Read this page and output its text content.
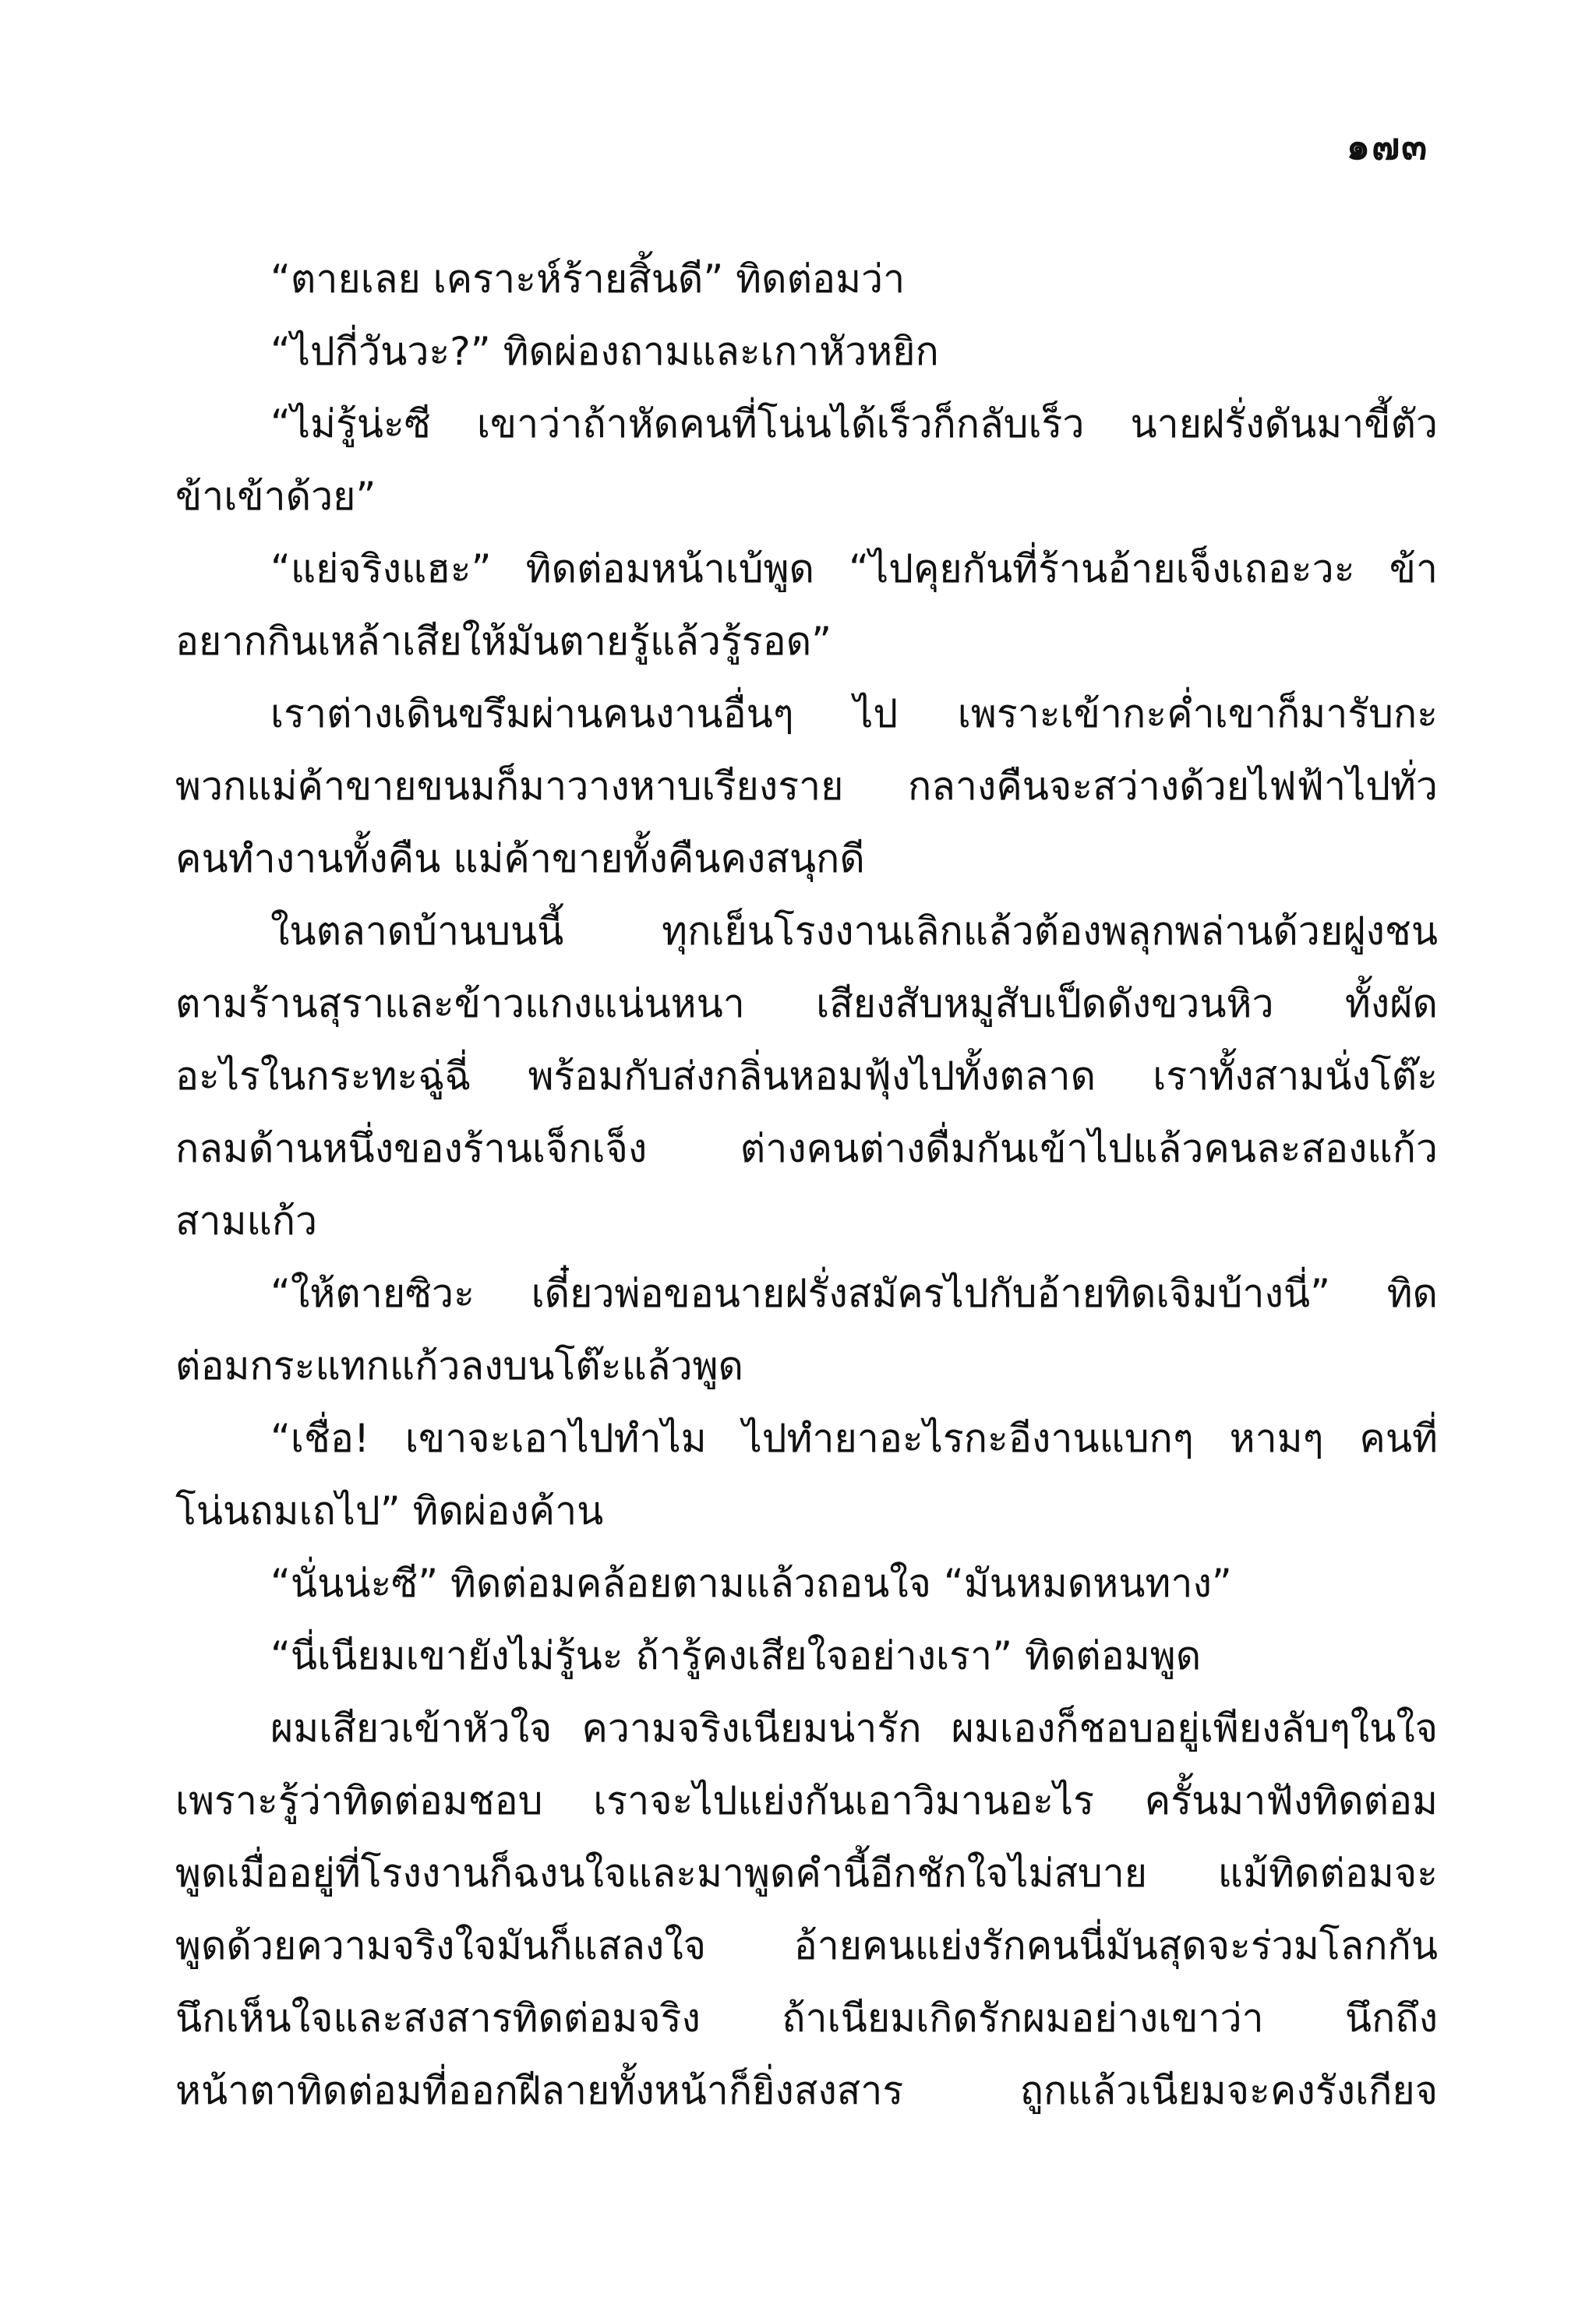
๑๗๓
“ตายเลย เคราะห์ร้ายสิ้นดี” ทิดต่อมว่า
“ไปกี่วันวะ?” ทิดผ่องถามและเกาหัวหยิก
“ไม่รู้น่ะซี เขาว่าถ้าหัดคนที่โน่นได้เร็วก็กลับเร็ว นายฝรั่งดันมาขี้ตัว
ข้าเข้าด้วย”
“แย่จริงแฮะ” ทิดต่อมหน้าเบ้พูด “ไปคุยกันที่ร้านอ้ายเจ็งเถอะวะ ข้า
อยากกินเหล้าเสียให้มันตายรู้แล้วรู้รอด”
เราต่างเดินขรึมผ่านคนงานอื่นๆ ไป เพราะเข้ากะค่ำเขาก็มารับกะ
พวกแม่ค้าขายขนมก็มาวางหาบเรียงราย กลางคืนจะสว่างด้วยไฟฟ้าไปทั่ว
คนทำงานทั้งคืน แม่ค้าขายทั้งคืนคงสนุกดี
ในตลาดบ้านบนนี้ ทุกเย็นโรงงานเลิกแล้วต้องพลุกพล่านด้วยฝูงชน
ตามร้านสุราและข้าวแกงแน่นหนา เสียงสับหมูสับเป็ดดังขวนหิว ทั้งผัด
อะไรในกระทะฉู่ฉี่ พร้อมกับส่งกลิ่นหอมฟุ้งไปทั้งตลาด เราทั้งสามนั่งโต๊ะ
กลมด้านหนึ่งของร้านเจ็กเจ็ง ต่างคนต่างดื่มกันเข้าไปแล้วคนละสองแก้ว
สามแก้ว
“ให้ตายซิวะ เดี๋ยวพ่อขอนายฝรั่งสมัครไปกับอ้ายทิดเจิมบ้างนี่” ทิด
ต่อมกระแทกแก้วลงบนโต๊ะแล้วพูด
“เชื่อ! เขาจะเอาไปทำไม ไปทำยาอะไรกะอีงานแบกๆ หามๆ คนที่
โน่นถมเถไป” ทิดผ่องค้าน
“นั่นน่ะซี” ทิดต่อมคล้อยตามแล้วถอนใจ “มันหมดหนทาง”
“นี่เนียมเขายังไม่รู้นะ ถ้ารู้คงเสียใจอย่างเรา” ทิดต่อมพูด
ผมเสียวเข้าหัวใจ ความจริงเนียมน่ารัก ผมเองก็ชอบอยู่เพียงลับๆในใจ
เพราะรู้ว่าทิดต่อมชอบ เราจะไปแย่งกันเอาวิมานอะไร ครั้นมาฟังทิดต่อม
พูดเมื่ออยู่ที่โรงงานก็ฉงนใจและมาพูดคำนี้อีกชักใจไม่สบาย แม้ทิดต่อมจะ
พูดด้วยความจริงใจมันก็แสลงใจ อ้ายคนแย่งรักคนนี่มันสุดจะร่วมโลกกัน
นึกเห็นใจและสงสารทิดต่อมจริง ถ้าเนียมเกิดรักผมอย่างเขาว่า นึกถึง
หน้าตาทิดต่อมที่ออกฝีลายทั้งหน้าก็ยิ่งสงสาร ถูกแล้วเนียมจะคงรังเกียจ
